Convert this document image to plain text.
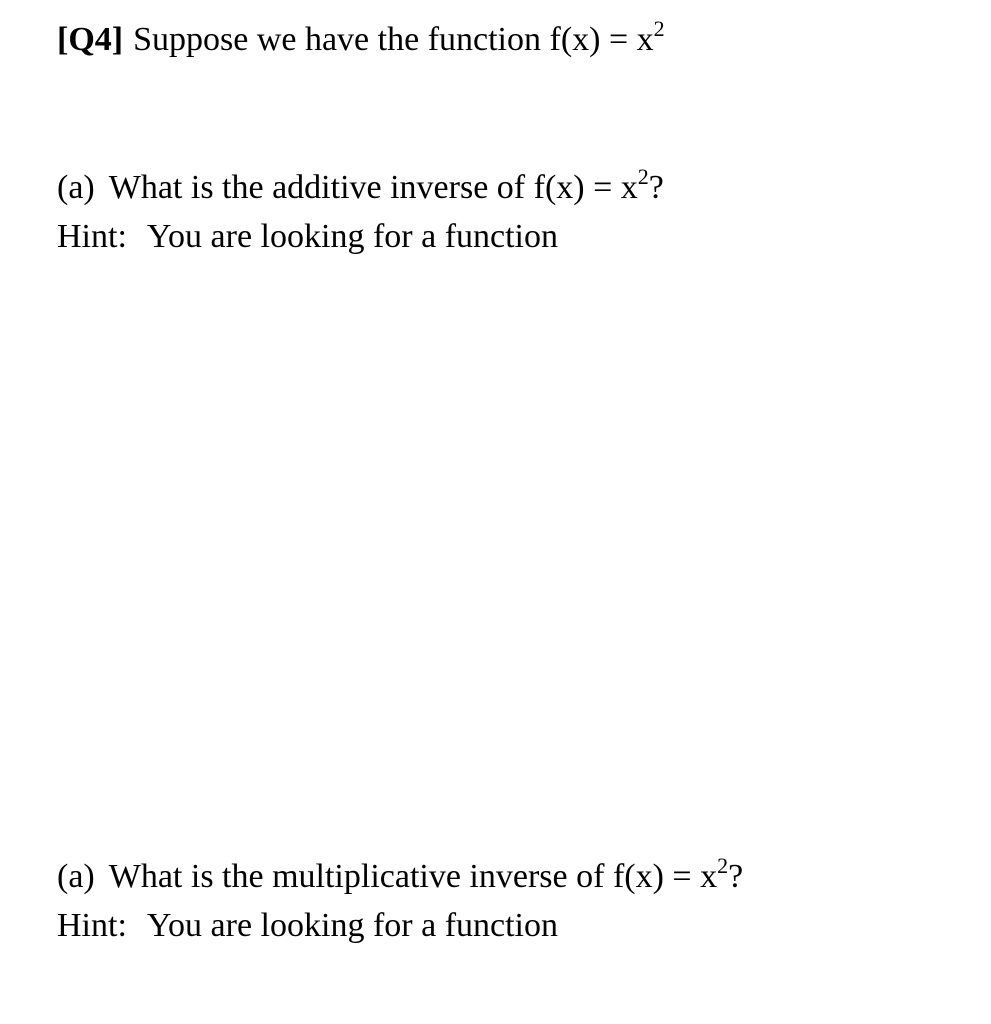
[Q4] Suppose we have the function $f(x) = x^2$
(a) What is the additive inverse of $f(x) = x^2$?
Hint: You are looking for a function
(a) What is the multiplicative inverse of $f(x) = x^2$?
Hint: You are looking for a function
